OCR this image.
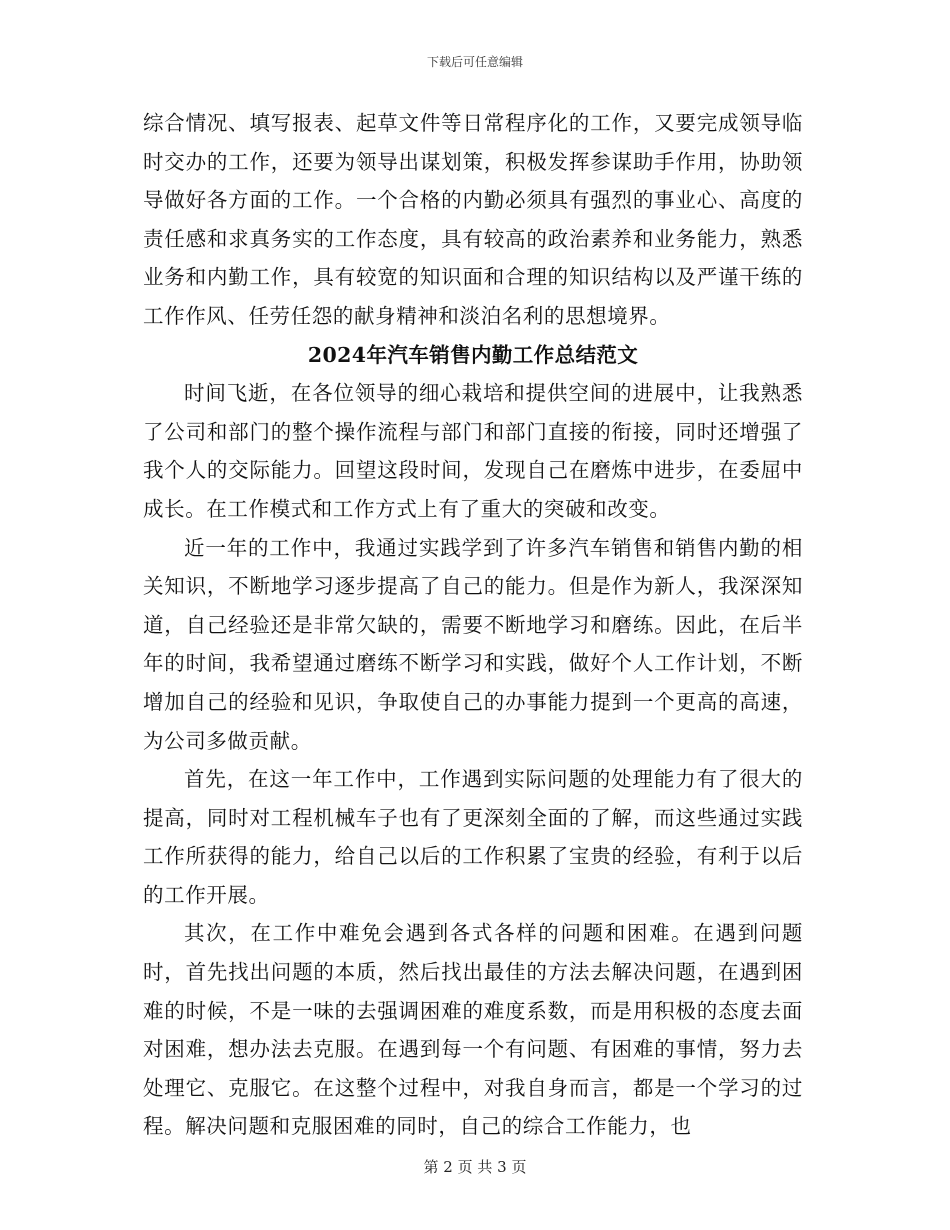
下载后可任意编辑

综合情况、填写报表、起草文件等日常程序化的工作，又要完成领导临时交办的工作，还要为领导出谋划策，积极发挥参谋助手作用，协助领导做好各方面的工作。一个合格的内勤必须具有强烈的事业心、高度的责任感和求真务实的工作态度，具有较高的政治素养和业务能力，熟悉业务和内勤工作，具有较宽的知识面和合理的知识结构以及严谨干练的工作作风、任劳任怨的献身精神和淡泊名利的思想境界。

2024年汽车销售内勤工作总结范文

时间飞逝，在各位领导的细心栽培和提供空间的进展中，让我熟悉了公司和部门的整个操作流程与部门和部门直接的衔接，同时还增强了我个人的交际能力。回望这段时间，发现自己在磨炼中进步，在委屈中成长。在工作模式和工作方式上有了重大的突破和改变。

近一年的工作中，我通过实践学到了许多汽车销售和销售内勤的相关知识，不断地学习逐步提高了自己的能力。但是作为新人，我深深知道，自己经验还是非常欠缺的，需要不断地学习和磨练。因此，在后半年的时间，我希望通过磨练不断学习和实践，做好个人工作计划，不断增加自己的经验和见识，争取使自己的办事能力提到一个更高的高速，为公司多做贡献。

首先，在这一年工作中，工作遇到实际问题的处理能力有了很大的提高，同时对工程机械车子也有了更深刻全面的了解，而这些通过实践工作所获得的能力，给自己以后的工作积累了宝贵的经验，有利于以后的工作开展。

其次，在工作中难免会遇到各式各样的问题和困难。在遇到问题时，首先找出问题的本质，然后找出最佳的方法去解决问题，在遇到困难的时候，不是一味的去强调困难的难度系数，而是用积极的态度去面对困难，想办法去克服。在遇到每一个有问题、有困难的事情，努力去处理它、克服它。在这整个过程中，对我自身而言，都是一个学习的过程。解决问题和克服困难的同时，自己的综合工作能力，也

第 2 页 共 3 页
